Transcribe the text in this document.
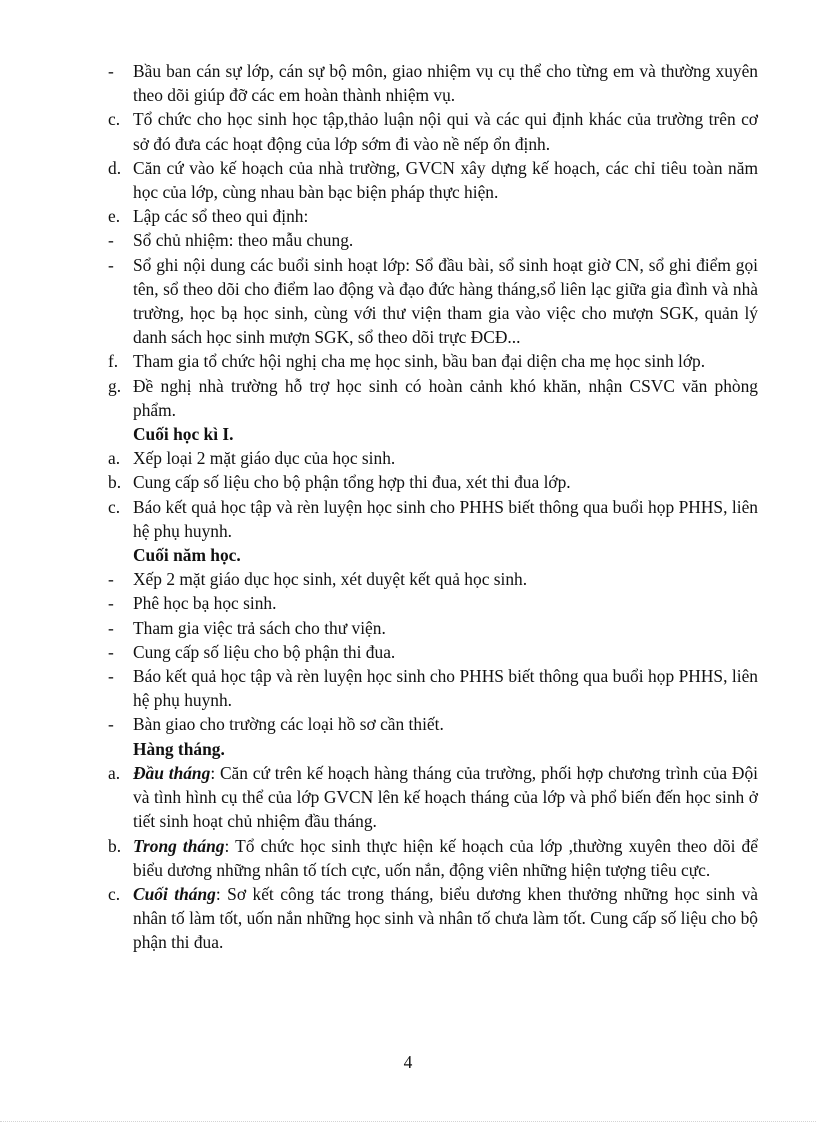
- Bầu ban cán sự lớp, cán sự bộ môn, giao nhiệm vụ cụ thể cho từng em và thường xuyên theo dõi giúp đỡ các em hoàn thành nhiệm vụ.
c. Tổ chức cho học sinh học tập,thảo luận nội qui và các qui định khác của trường trên cơ sở đó đưa các hoạt động của lớp sớm đi vào nề nếp ổn định.
d. Căn cứ vào kế hoạch của nhà trường, GVCN xây dựng kế hoạch, các chỉ tiêu toàn năm học của lớp, cùng nhau bàn bạc biện pháp thực hiện.
e. Lập các sổ theo qui định:
- Sổ chủ nhiệm: theo mẫu chung.
- Sổ ghi nội dung các buổi sinh hoạt lớp: Sổ đầu bài, sổ sinh hoạt giờ CN, sổ ghi điểm gọi tên, sổ theo dõi cho điểm lao động và đạo đức hàng tháng,sổ liên lạc giữa gia đình và nhà trường, học bạ học sinh, cùng với thư viện tham gia vào việc cho mượn SGK, quản lý danh sách học sinh mượn SGK, sổ theo dõi trực ĐCĐ...
f. Tham gia tổ chức hội nghị cha mẹ học sinh, bầu ban đại diện cha mẹ học sinh lớp.
g. Đề nghị nhà trường hỗ trợ học sinh có hoàn cảnh khó khăn, nhận CSVC văn phòng phẩm.
Cuối học kì I.
a. Xếp loại 2 mặt giáo dục của học sinh.
b. Cung cấp số liệu cho bộ phận tổng hợp thi đua, xét thi đua lớp.
c. Báo kết quả học tập và rèn luyện học sinh cho PHHS biết thông qua buổi họp PHHS, liên hệ phụ huynh.
Cuối năm học.
- Xếp 2 mặt giáo dục học sinh, xét duyệt kết quả học sinh.
- Phê học bạ học sinh.
- Tham gia việc trả sách cho thư viện.
- Cung cấp số liệu cho bộ phận thi đua.
- Báo kết quả học tập và rèn luyện học sinh cho PHHS biết thông qua buổi họp PHHS, liên hệ phụ huynh.
- Bàn giao cho trường các loại hồ sơ cần thiết.
Hàng tháng.
a. Đầu tháng: Căn cứ trên kế hoạch hàng tháng của trường, phối hợp chương trình của Đội và tình hình cụ thể của lớp GVCN lên kế hoạch tháng của lớp và phổ biến đến học sinh ở tiết sinh hoạt chủ nhiệm đầu tháng.
b. Trong tháng: Tổ chức học sinh thực hiện kế hoạch của lớp ,thường xuyên theo dõi để biểu dương những nhân tố tích cực, uốn nắn, động viên những hiện tượng tiêu cực.
c. Cuối tháng: Sơ kết công tác trong tháng, biểu dương khen thưởng những học sinh và nhân tố làm tốt, uốn nắn những học sinh và nhân tố chưa làm tốt. Cung cấp số liệu cho bộ phận thi đua.
4
